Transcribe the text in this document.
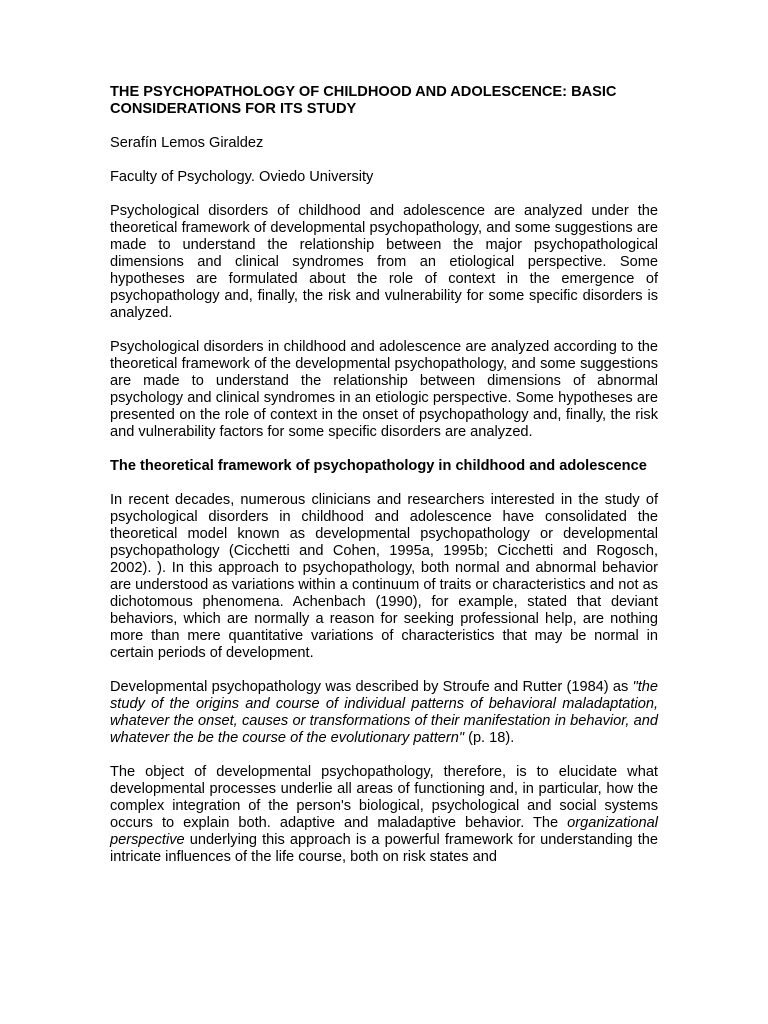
THE PSYCHOPATHOLOGY OF CHILDHOOD AND ADOLESCENCE: BASIC CONSIDERATIONS FOR ITS STUDY
Serafín Lemos Giraldez
Faculty of Psychology. Oviedo University

Psychological disorders of childhood and adolescence are analyzed under the theoretical framework of developmental psychopathology, and some suggestions are made to understand the relationship between the major psychopathological dimensions and clinical syndromes from an etiological perspective. Some hypotheses are formulated about the role of context in the emergence of psychopathology and, finally, the risk and vulnerability for some specific disorders is analyzed.

Psychological disorders in childhood and adolescence are analyzed according to the theoretical framework of the developmental psychopathology, and some suggestions are made to understand the relationship between dimensions of abnormal psychology and clinical syndromes in an etiologic perspective. Some hypotheses are presented on the role of context in the onset of psychopathology and, finally, the risk and vulnerability factors for some specific disorders are analyzed.

The theoretical framework of psychopathology in childhood and adolescence

In recent decades, numerous clinicians and researchers interested in the study of psychological disorders in childhood and adolescence have consolidated the theoretical model known as developmental psychopathology or developmental psychopathology (Cicchetti and Cohen, 1995a, 1995b; Cicchetti and Rogosch, 2002). ). In this approach to psychopathology, both normal and abnormal behavior are understood as variations within a continuum of traits or characteristics and not as dichotomous phenomena. Achenbach (1990), for example, stated that deviant behaviors, which are normally a reason for seeking professional help, are nothing more than mere quantitative variations of characteristics that may be normal in certain periods of development.

Developmental psychopathology was described by Stroufe and Rutter (1984) as "the study of the origins and course of individual patterns of behavioral maladaptation, whatever the onset, causes or transformations of their manifestation in behavior, and whatever the be the course of the evolutionary pattern" (p. 18).

The object of developmental psychopathology, therefore, is to elucidate what developmental processes underlie all areas of functioning and, in particular, how the complex integration of the person's biological, psychological and social systems occurs to explain both. adaptive and maladaptive behavior. The organizational perspective underlying this approach is a powerful framework for understanding the intricate influences of the life course, both on risk states and
